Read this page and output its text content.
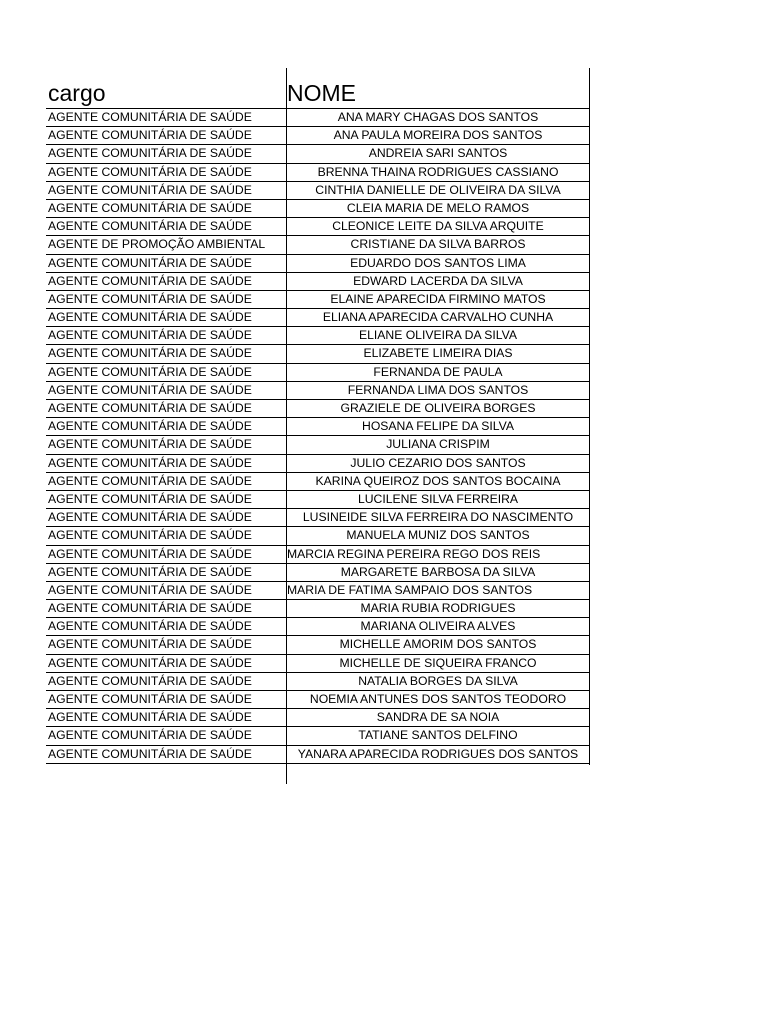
cargo	NOME
AGENTE COMUNITÁRIA DE SAÚDE	ANA MARY CHAGAS DOS SANTOS
AGENTE COMUNITÁRIA DE SAÚDE	ANA PAULA MOREIRA DOS SANTOS
AGENTE COMUNITÁRIA DE SAÚDE	ANDREIA SARI SANTOS
AGENTE COMUNITÁRIA DE SAÚDE	BRENNA THAINA RODRIGUES CASSIANO
AGENTE COMUNITÁRIA DE SAÚDE	CINTHIA DANIELLE DE OLIVEIRA DA SILVA
AGENTE COMUNITÁRIA DE SAÚDE	CLEIA MARIA DE MELO RAMOS
AGENTE COMUNITÁRIA DE SAÚDE	CLEONICE LEITE DA SILVA ARQUITE
AGENTE DE PROMOÇÃO AMBIENTAL	CRISTIANE DA SILVA BARROS
AGENTE COMUNITÁRIA DE SAÚDE	EDUARDO DOS SANTOS LIMA
AGENTE COMUNITÁRIA DE SAÚDE	EDWARD LACERDA DA SILVA
AGENTE COMUNITÁRIA DE SAÚDE	ELAINE APARECIDA FIRMINO MATOS
AGENTE COMUNITÁRIA DE SAÚDE	ELIANA APARECIDA CARVALHO CUNHA
AGENTE COMUNITÁRIA DE SAÚDE	ELIANE OLIVEIRA DA SILVA
AGENTE COMUNITÁRIA DE SAÚDE	ELIZABETE LIMEIRA DIAS
AGENTE COMUNITÁRIA DE SAÚDE	FERNANDA DE PAULA
AGENTE COMUNITÁRIA DE SAÚDE	FERNANDA LIMA DOS SANTOS
AGENTE COMUNITÁRIA DE SAÚDE	GRAZIELE DE OLIVEIRA BORGES
AGENTE COMUNITÁRIA DE SAÚDE	HOSANA FELIPE DA SILVA
AGENTE COMUNITÁRIA DE SAÚDE	JULIANA CRISPIM
AGENTE COMUNITÁRIA DE SAÚDE	JULIO CEZARIO DOS SANTOS
AGENTE COMUNITÁRIA DE SAÚDE	KARINA QUEIROZ DOS SANTOS BOCAINA
AGENTE COMUNITÁRIA DE SAÚDE	LUCILENE SILVA FERREIRA
AGENTE COMUNITÁRIA DE SAÚDE	LUSINEIDE SILVA FERREIRA DO NASCIMENTO
AGENTE COMUNITÁRIA DE SAÚDE	MANUELA MUNIZ DOS SANTOS
AGENTE COMUNITÁRIA DE SAÚDE	MARCIA REGINA PEREIRA REGO DOS REIS
AGENTE COMUNITÁRIA DE SAÚDE	MARGARETE BARBOSA DA SILVA
AGENTE COMUNITÁRIA DE SAÚDE	MARIA DE FATIMA SAMPAIO DOS SANTOS
AGENTE COMUNITÁRIA DE SAÚDE	MARIA RUBIA RODRIGUES
AGENTE COMUNITÁRIA DE SAÚDE	MARIANA OLIVEIRA ALVES
AGENTE COMUNITÁRIA DE SAÚDE	MICHELLE AMORIM DOS SANTOS
AGENTE COMUNITÁRIA DE SAÚDE	MICHELLE DE SIQUEIRA FRANCO
AGENTE COMUNITÁRIA DE SAÚDE	NATALIA BORGES DA SILVA
AGENTE COMUNITÁRIA DE SAÚDE	NOEMIA ANTUNES DOS SANTOS TEODORO
AGENTE COMUNITÁRIA DE SAÚDE	SANDRA DE SA NOIA
AGENTE COMUNITÁRIA DE SAÚDE	TATIANE SANTOS DELFINO
AGENTE COMUNITÁRIA DE SAÚDE	YANARA APARECIDA RODRIGUES DOS SANTOS
